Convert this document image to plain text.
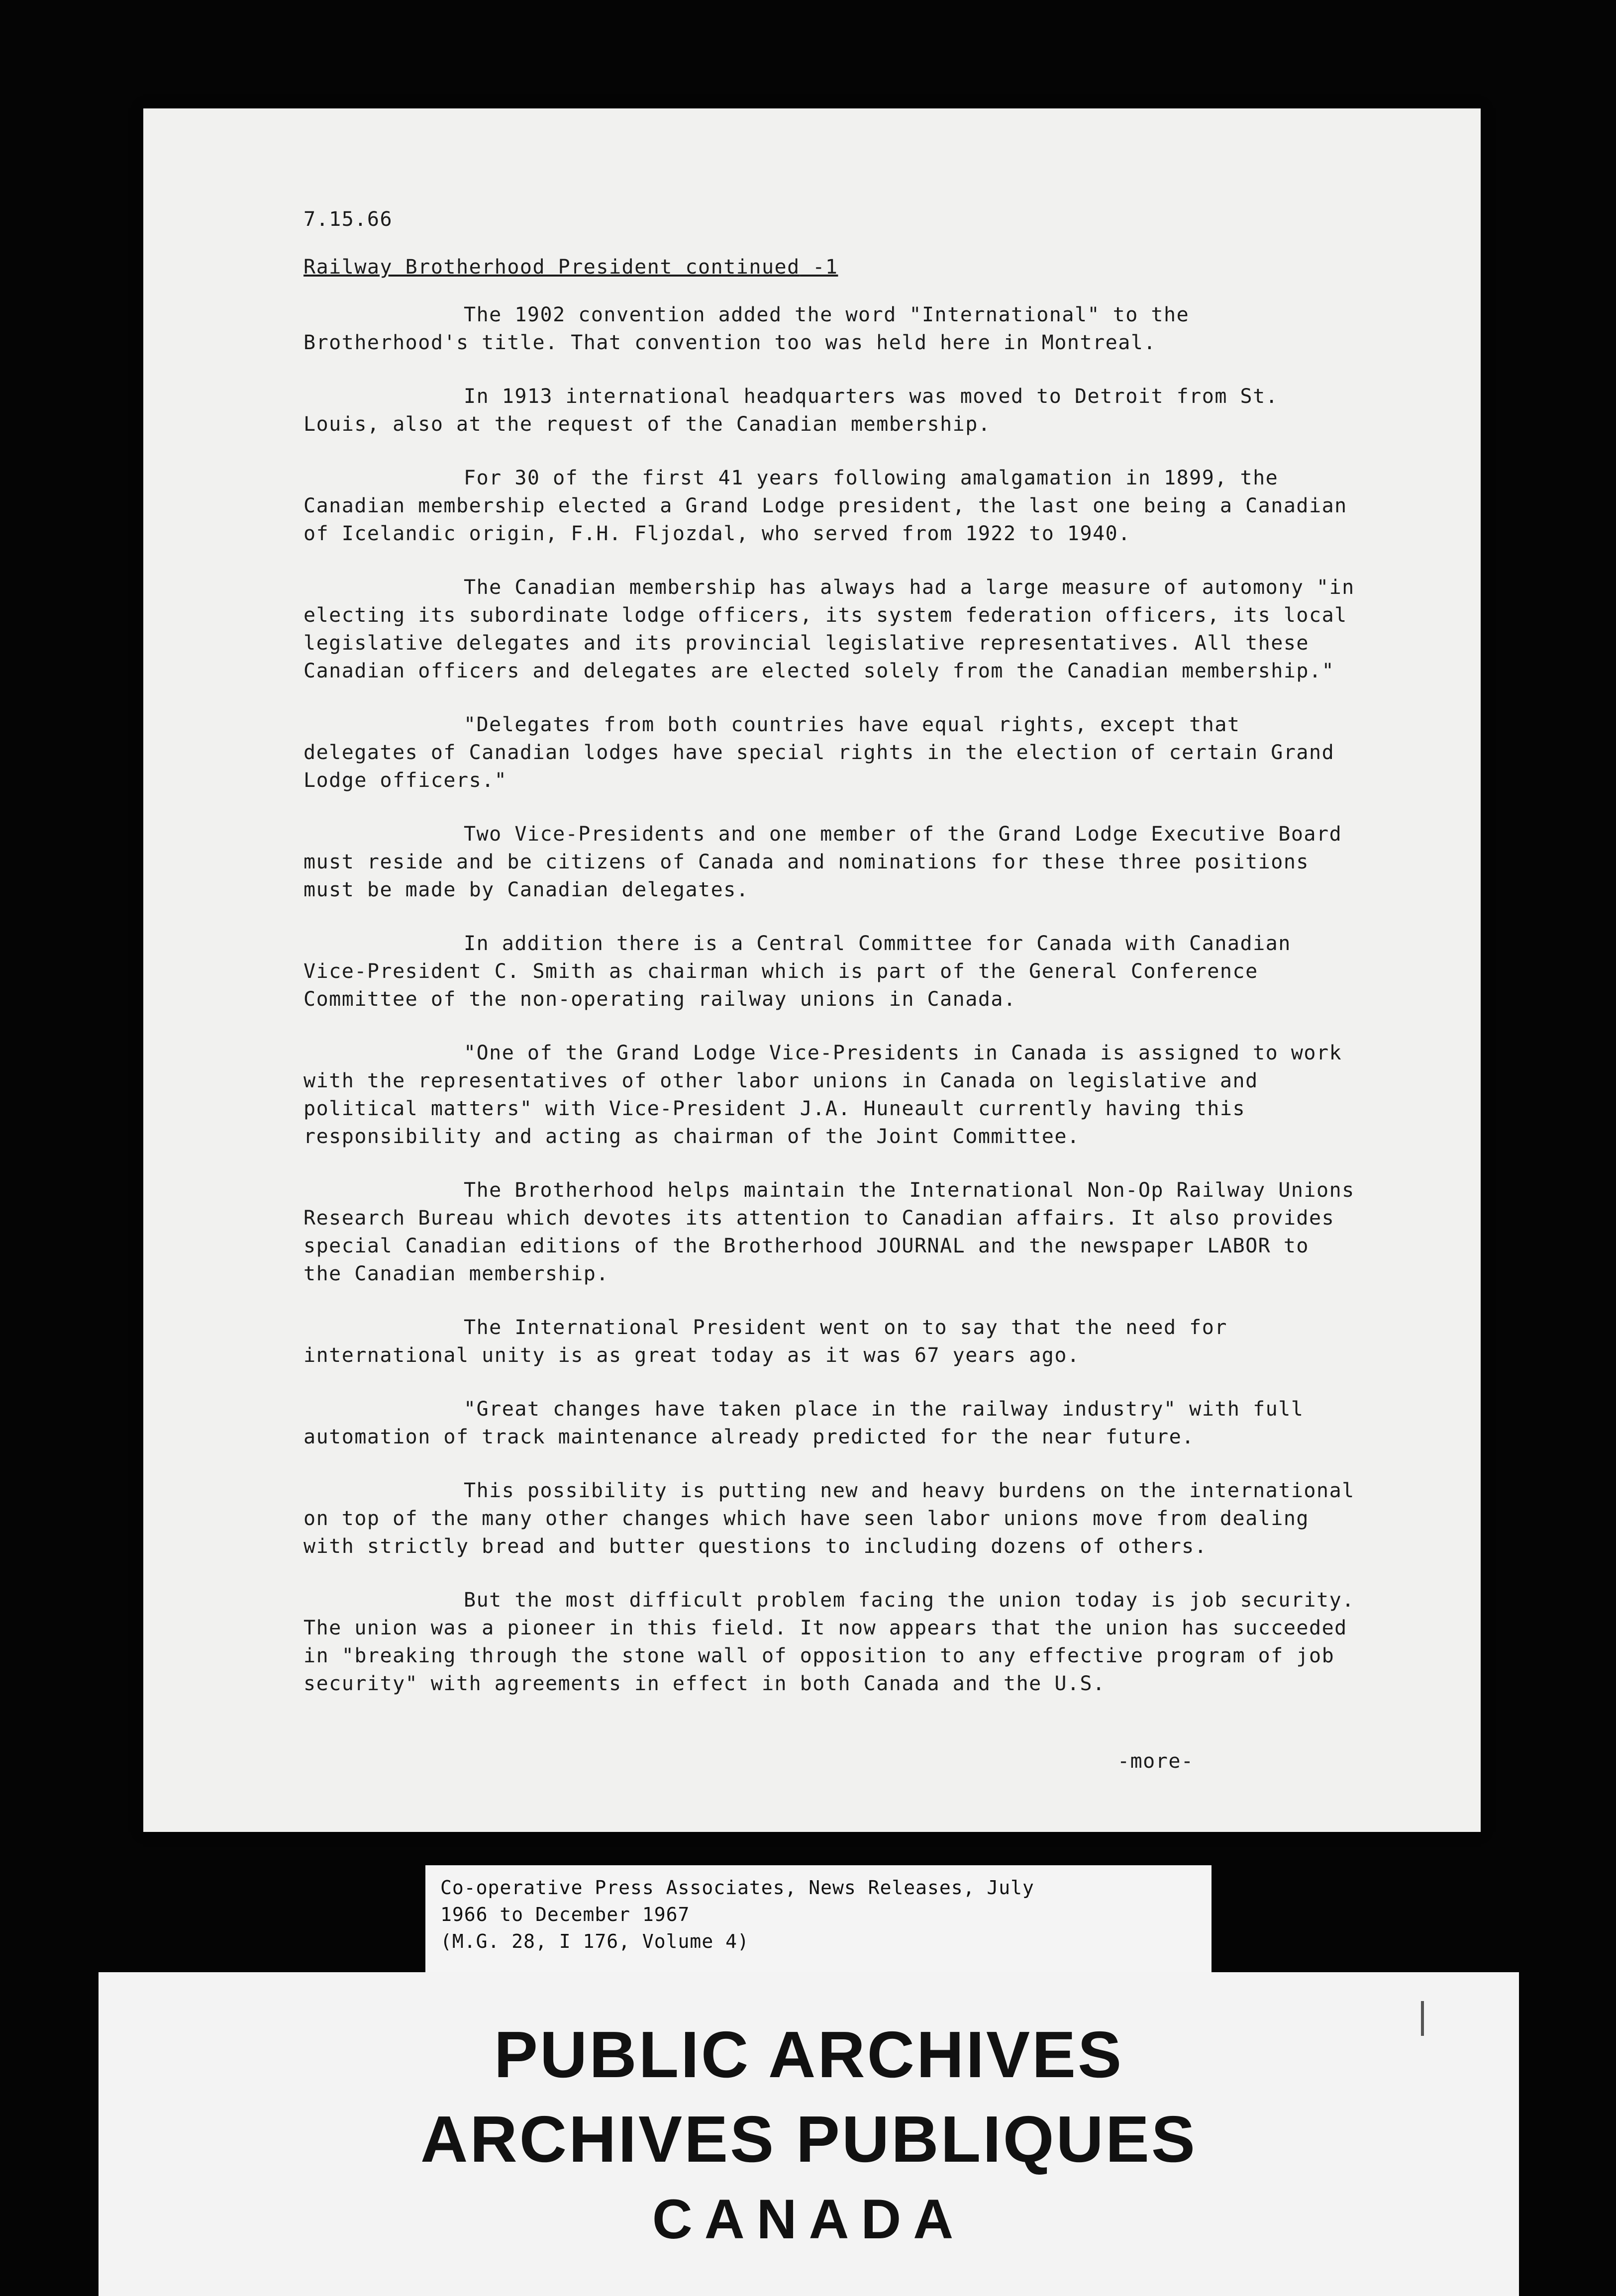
7.15.66
Railway Brotherhood President continued -1

The 1902 convention added the word "International" to the Brotherhood's title. That convention too was held here in Montreal.

In 1913 international headquarters was moved to Detroit from St. Louis, also at the request of the Canadian membership.

For 30 of the first 41 years following amalgamation in 1899, the Canadian membership elected a Grand Lodge president, the last one being a Canadian of Icelandic origin, F.H. Fljozdal, who served from 1922 to 1940.

The Canadian membership has always had a large measure of automony "in electing its subordinate lodge officers, its system federation officers, its local legislative delegates and its provincial legislative representatives. All these Canadian officers and delegates are elected solely from the Canadian membership."

"Delegates from both countries have equal rights, except that delegates of Canadian lodges have special rights in the election of certain Grand Lodge officers."

Two Vice-Presidents and one member of the Grand Lodge Executive Board must reside and be citizens of Canada and nominations for these three positions must be made by Canadian delegates.

In addition there is a Central Committee for Canada with Canadian Vice-President C. Smith as chairman which is part of the General Conference Committee of the non-operating railway unions in Canada.

"One of the Grand Lodge Vice-Presidents in Canada is assigned to work with the representatives of other labor unions in Canada on legislative and political matters" with Vice-President J.A. Huneault currently having this responsibility and acting as chairman of the Joint Committee.

The Brotherhood helps maintain the International Non-Op Railway Unions Research Bureau which devotes its attention to Canadian affairs. It also provides special Canadian editions of the Brotherhood JOURNAL and the newspaper LABOR to the Canadian membership.

The International President went on to say that the need for international unity is as great today as it was 67 years ago.

"Great changes have taken place in the railway industry" with full automation of track maintenance already predicted for the near future.

This possibility is putting new and heavy burdens on the international on top of the many other changes which have seen labor unions move from dealing with strictly bread and butter questions to including dozens of others.

But the most difficult problem facing the union today is job security. The union was a pioneer in this field. It now appears that the union has succeeded in "breaking through the stone wall of opposition to any effective program of job security" with agreements in effect in both Canada and the U.S.

-more-
Co-operative Press Associates, News Releases, July
1966 to December 1967
(M.G. 28, I 176, Volume 4)
PUBLIC ARCHIVES
ARCHIVES PUBLIQUES
CANADA
